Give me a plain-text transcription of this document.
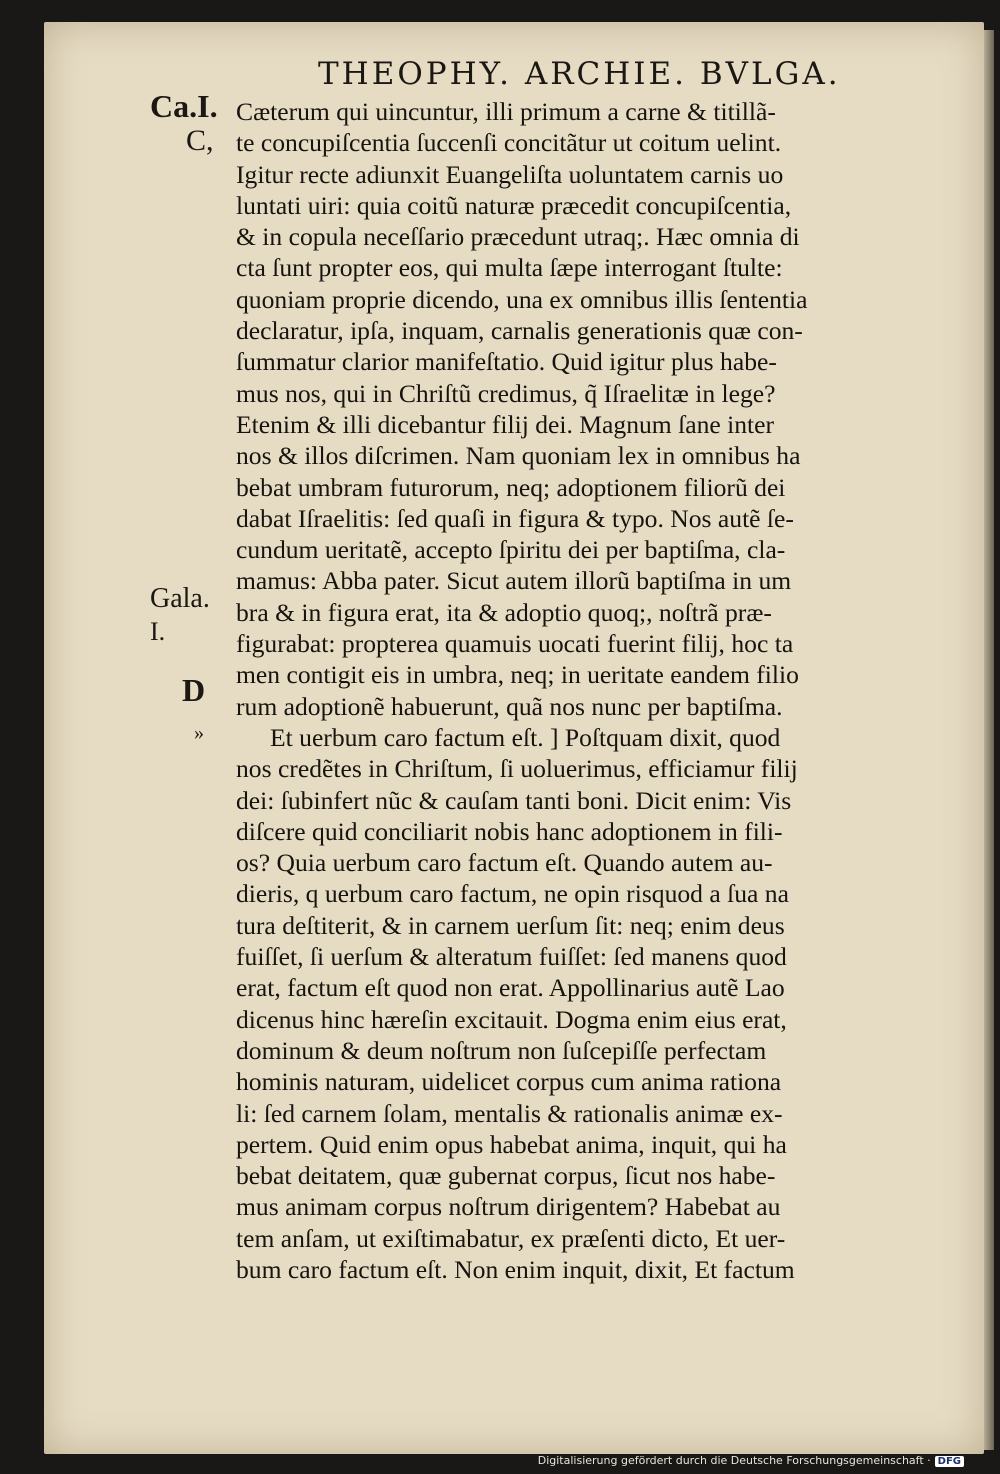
THEOPHY. ARCHIE. BVLGA.
Ca.I.
C,
Gala.
I.
D
»
Cæterum qui uincuntur, illi primum a carne & titillã-
te concupiſcentia ſuccenſi concitãtur ut coitum uelint.
Igitur recte adiunxit Euangeliſta uoluntatem carnis uo
luntati uiri: quia coitũ naturæ præcedit concupiſcentia,
& in copula neceſſario præcedunt utraq;. Hæc omnia di
cta ſunt propter eos, qui multa ſæpe interrogant ſtulte:
quoniam proprie dicendo, una ex omnibus illis ſententia
declaratur, ipſa, inquam, carnalis generationis quæ con-
ſummatur clarior manifeſtatio. Quid igitur plus habe-
mus nos, qui in Chriſtũ credimus, q̃ Iſraelitæ in lege?
Etenim & illi dicebantur filij dei. Magnum ſane inter
nos & illos diſcrimen. Nam quoniam lex in omnibus ha
bebat umbram futurorum, neq; adoptionem filiorũ dei
dabat Iſraelitis: ſed quaſi in figura & typo. Nos autẽ ſe-
cundum ueritatẽ, accepto ſpiritu dei per baptiſma, cla-
mamus: Abba pater. Sicut autem illorũ baptiſma in um
bra & in figura erat, ita & adoptio quoq;, noſtrã præ-
figurabat: propterea quamuis uocati fuerint filij, hoc ta
men contigit eis in umbra, neq; in ueritate eandem filio
rum adoptionẽ habuerunt, quã nos nunc per baptiſma.
Et uerbum caro factum eſt. ] Poſtquam dixit, quod
nos credẽtes in Chriſtum, ſi uoluerimus, efficiamur filij
dei: ſubinfert nũc & cauſam tanti boni. Dicit enim: Vis
diſcere quid conciliarit nobis hanc adoptionem in fili-
os? Quia uerbum caro factum eſt. Quando autem au-
dieris, q uerbum caro factum, ne opin risquod a ſua na
tura deſtiterit, & in carnem uerſum ſit: neq; enim deus
fuiſſet, ſi uerſum & alteratum fuiſſet: ſed manens quod
erat, factum eſt quod non erat. Appollinarius autẽ Lao
dicenus hinc hæreſin excitauit. Dogma enim eius erat,
dominum & deum noſtrum non ſuſcepiſſe perfectam
hominis naturam, uidelicet corpus cum anima rationa
li: ſed carnem ſolam, mentalis & rationalis animæ ex-
pertem. Quid enim opus habebat anima, inquit, qui ha
bebat deitatem, quæ gubernat corpus, ſicut nos habe-
mus animam corpus noſtrum dirigentem? Habebat au
tem anſam, ut exiſtimabatur, ex præſenti dicto, Et uer-
bum caro factum eſt. Non enim inquit, dixit, Et factum
Digitalisierung gefördert durch die Deutsche Forschungsgemeinschaft · DFG
